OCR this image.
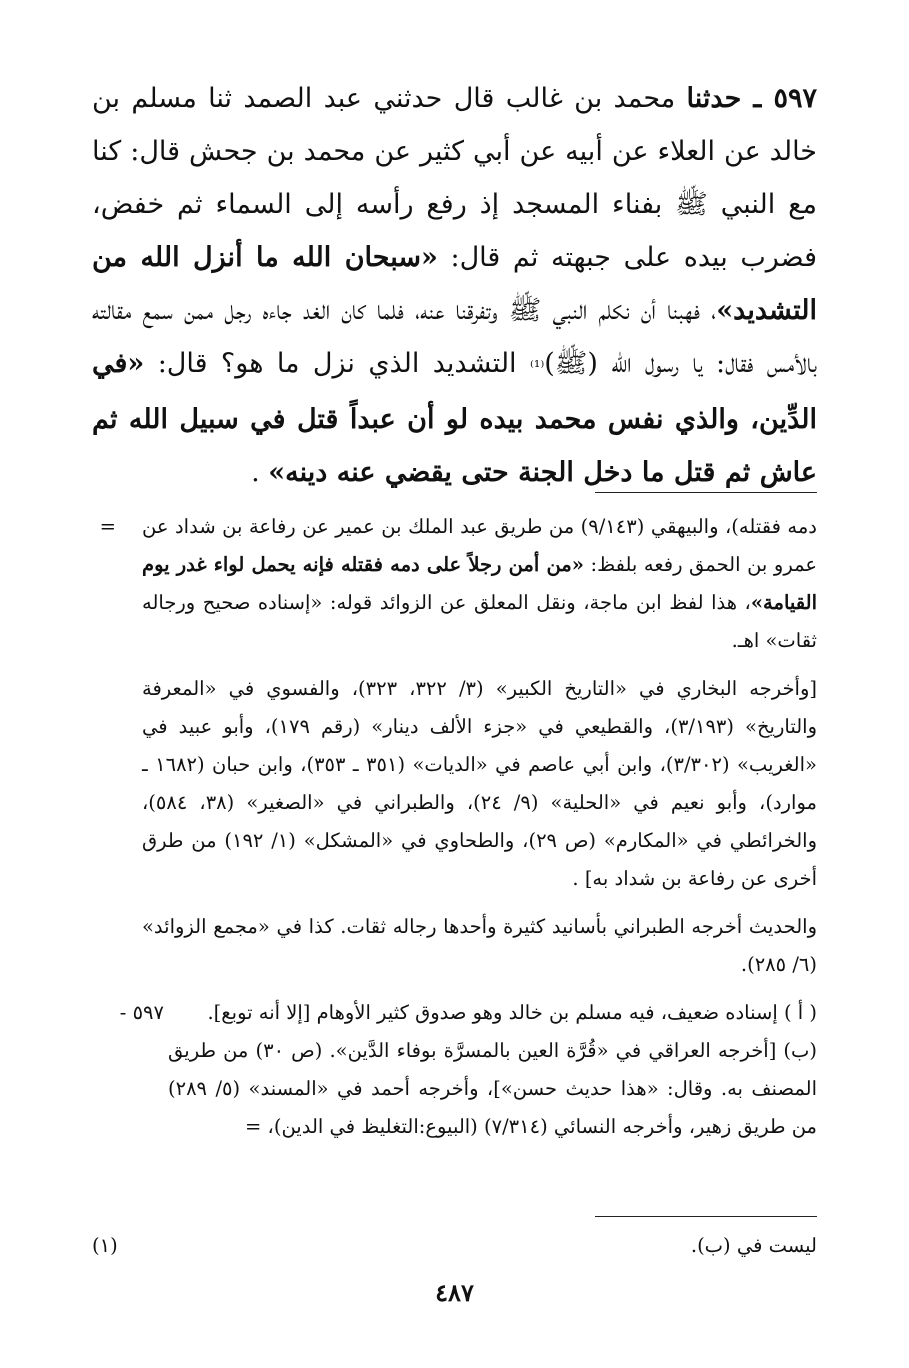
٥٩٧ ـ حدثنا محمد بن غالب قال حدثني عبد الصمد ثنا مسلم بن خالد عن العلاء عن أبيه عن أبي كثير عن محمد بن جحش قال: كنا مع النبي ﷺ بفناء المسجد إذ رفع رأسه إلى السماء ثم خفض، فضرب بيده على جبهته ثم قال: «سبحان الله ما أنزل الله من التشديد»، فهبنا أن نكلم النبي ﷺ وتفرقنا عنه، فلما كان الغد جاءه رجل ممن سمع مقالته بالأمس فقال: يا رسول الله (ﷺ)⁽¹⁾ التشديد الذي نزل ما هو؟ قال: «في الدِّين، والذي نفس محمد بيده لو أن عبداً قتل في سبيل الله ثم عاش ثم قتل ما دخل الجنة حتى يقضي عنه دينه» .

= دمه فقتله)، والبيهقي (٩/١٤٣) من طريق عبد الملك بن عمير عن رفاعة بن شداد عن عمرو بن الحمق رفعه بلفظ: «من أمن رجلاً على دمه فقتله فإنه يحمل لواء غدر يوم القيامة»، هذا لفظ ابن ماجة، ونقل المعلق عن الزوائد قوله: «إسناده صحيح ورجاله ثقات» اهـ.
[وأخرجه البخاري في «التاريخ الكبير» (٣/ ٣٢٢، ٣٢٣)، والفسوي في «المعرفة والتاريخ» (٣/١٩٣)، والقطيعي في «جزء الألف دينار» (رقم ١٧٩)، وأبو عبيد في «الغريب» (٣/٣٠٢)، وابن أبي عاصم في «الديات» (٣٥١ ـ ٣٥٣)، وابن حبان (١٦٨٢ ـ موارد)، وأبو نعيم في «الحلية» (٩/ ٢٤)، والطبراني في «الصغير» (٣٨، ٥٨٤)، والخرائطي في «المكارم» (ص ٢٩)، والطحاوي في «المشكل» (١/ ١٩٢) من طرق أخرى عن رفاعة بن شداد به] .
والحديث أخرجه الطبراني بأسانيد كثيرة وأحدها رجاله ثقات. كذا في «مجمع الزوائد» (٦/ ٢٨٥).
٥٩٧ - ( أ ) إسناده ضعيف، فيه مسلم بن خالد وهو صدوق كثير الأوهام [إلا أنه توبع].
(ب) [أخرجه العراقي في «قُرَّة العين بالمسرَّة بوفاء الدَّين». (ص ٣٠) من طريق المصنف به. وقال: «هذا حديث حسن»]، وأخرجه أحمد في «المسند» (٥/ ٢٨٩) من طريق زهير، وأخرجه النسائي (٧/٣١٤) (البيوع:التغليظ في الدين)، =
ليست في (ب).
(١)
٤٨٧
